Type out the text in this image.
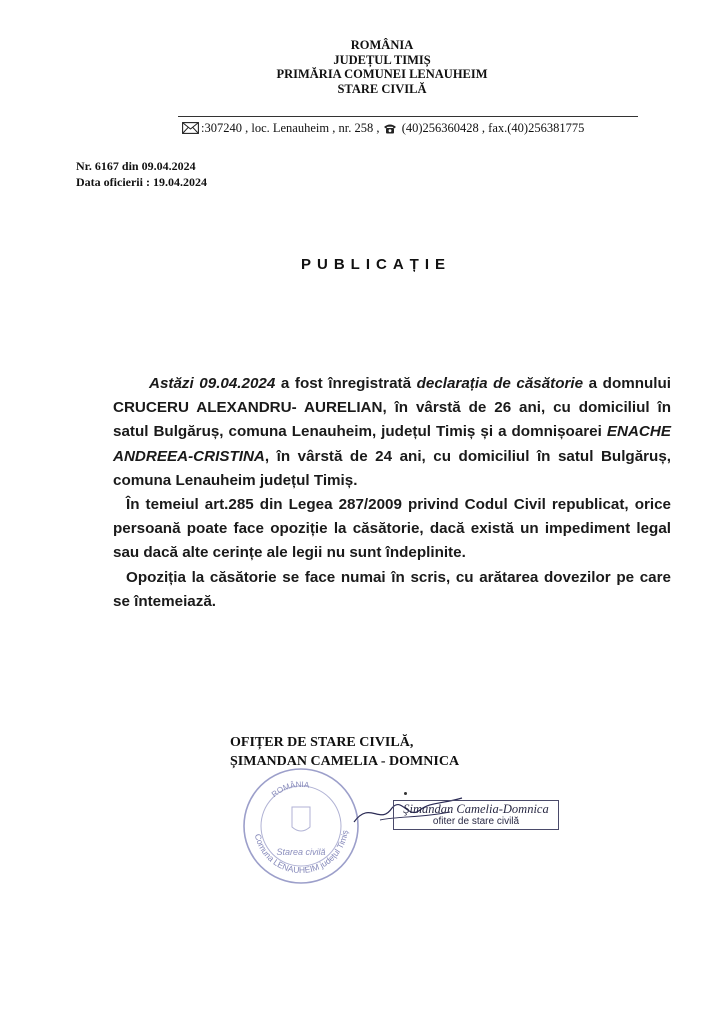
ROMÂNIA
JUDEȚUL TIMIȘ
PRIMĂRIA COMUNEI LENAUHEIM
STARE CIVILĂ
:307240 , loc. Lenauheim , nr. 258 ,  (40)256360428 , fax.(40)256381775
Nr. 6167 din 09.04.2024
Data oficierii : 19.04.2024
PUBLICAȚIE

Astăzi 09.04.2024 a fost înregistrată declarația de căsătorie a domnului CRUCERU ALEXANDRU- AURELIAN, în vârstă de 26 ani, cu domiciliul în satul Bulgăruș, comuna Lenauheim, județul Timiș și a domnișoarei ENACHE ANDREEA-CRISTINA, în vârstă de 24 ani, cu domiciliul în satul Bulgăruș, comuna Lenauheim județul Timiș.

În temeiul art.285 din Legea 287/2009 privind Codul Civil republicat, orice persoană poate face opoziție la căsătorie, dacă există un impediment legal sau dacă alte cerințe ale legii nu sunt îndeplinite.

Opoziția la căsătorie se face numai în scris, cu arătarea dovezilor pe care se întemeiază.

OFIȚER DE STARE CIVILĂ,
ȘIMANDAN CAMELIA - DOMNICA
Comuna LENAUHEIM județul Timiș
ROMÂNIA
Starea civilă
Şimandan Camelia-Domnica
ofiter de stare civilă
